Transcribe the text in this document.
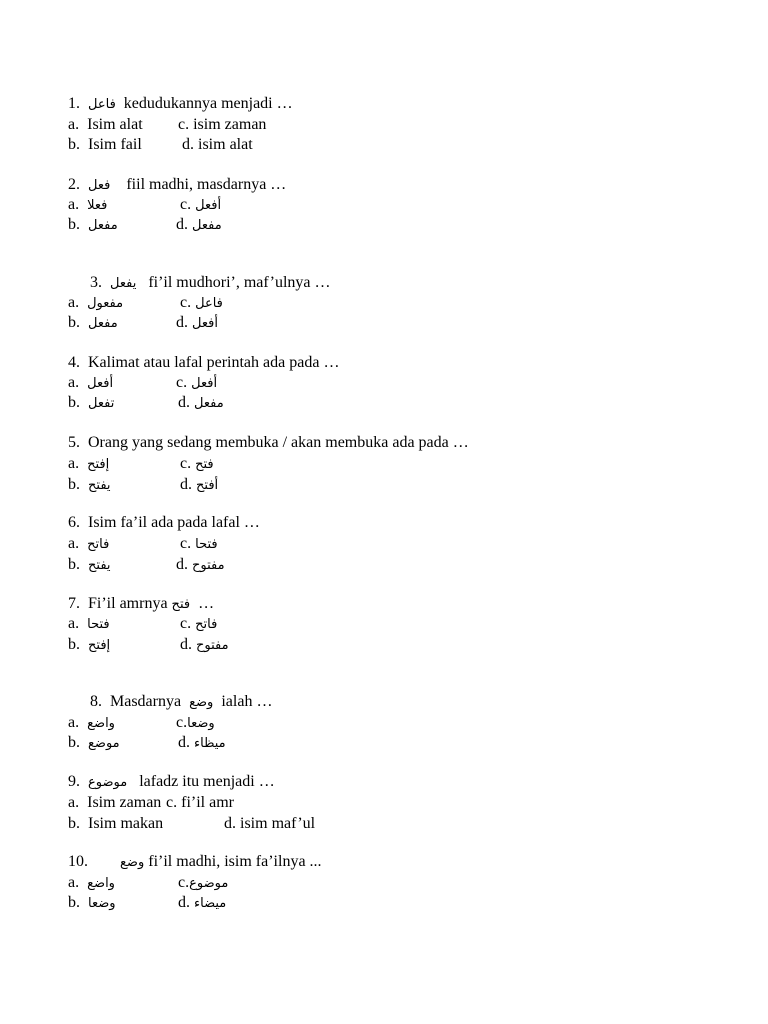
1. فاعل kedudukannya menjadi …
a. Isim alat c. isim zaman
b. Isim fail	d. isim alat
2. فعل fiil madhi, masdarnya …
a. فعلا	c. أفعل
b. مفعل	d. مفعل
3. يفعل fi’il mudhori’, maf’ulnya …
a. مفعول	c. فاعل
b. مفعل	d. أفعل
4. Kalimat atau lafal perintah ada pada …
a. أفعل	c. أفعل
b. تفعل	d. مفعل
5. Orang yang sedang membuka / akan membuka ada pada …
a. إفتح	c. فتح
b. يفتح	d. أفتح
6. Isim fa’il ada pada lafal …
a. فاتح	c. فتحا
b. يفتح	d. مفتوح
7. Fi’il amrnya فتح …
a. فتحا	c. فاتح
b. إفتح	d. مفتوح
8. Masdarnya وضع ialah …
a. واضع	c.وضعا
b. موضع	d. ميظاء
9. موضوع lafadz itu menjadi …
a. Isim zaman c. fi’il amr
b. Isim makan	d. isim maf’ul
10. وضع fi’il madhi, isim fa’ilnya ...
a. واضع	c.موضوع
b. وضعا	d. ميضاء
